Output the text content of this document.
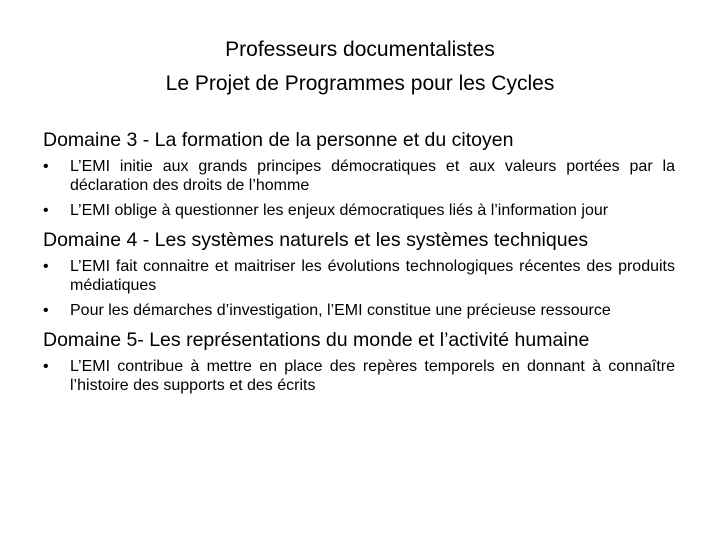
Professeurs documentalistes
Le Projet de Programmes pour les Cycles
Domaine 3 - La formation de la personne et du citoyen
•	L’EMI initie aux grands principes démocratiques et aux valeurs portées par la déclaration des droits de l’homme
•	L’EMI oblige à questionner les enjeux démocratiques liés à l’information jour
Domaine 4 - Les systèmes naturels et les systèmes techniques
•	L’EMI fait connaitre et maitriser les évolutions technologiques récentes des produits médiatiques
•	Pour les démarches d’investigation, l’EMI constitue une précieuse ressource
Domaine 5- Les représentations du monde et l’activité humaine
•	L’EMI contribue à mettre en place des repères temporels en donnant à connaître l’histoire des supports et des écrits
